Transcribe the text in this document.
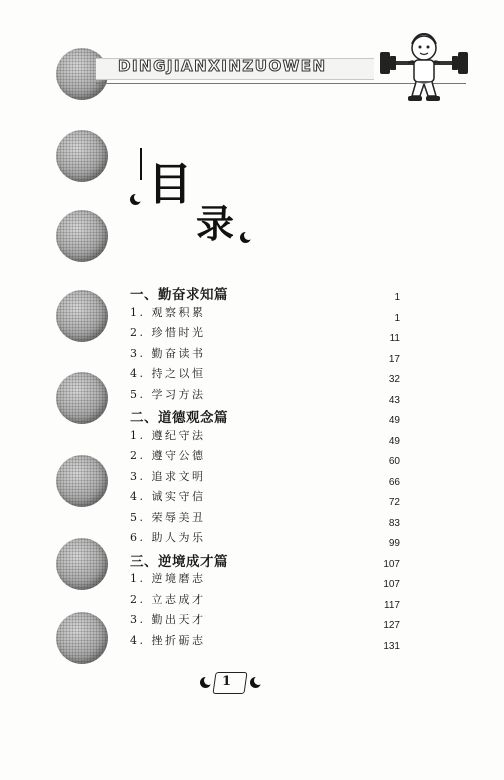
DINGJIANXINZUOWEN
目
录
一、勤奋求知篇	1
1. 观察积累	1
2. 珍惜时光	11
3. 勤奋读书	17
4. 持之以恒	32
5. 学习方法	43
二、道德观念篇	49
1. 遵纪守法	49
2. 遵守公德	60
3. 追求文明	66
4. 诚实守信	72
5. 荣辱美丑	83
6. 助人为乐	99
三、逆境成才篇	107
1. 逆境磨志	107
2. 立志成才	117
3. 勤出天才	127
4. 挫折砺志	131
1
